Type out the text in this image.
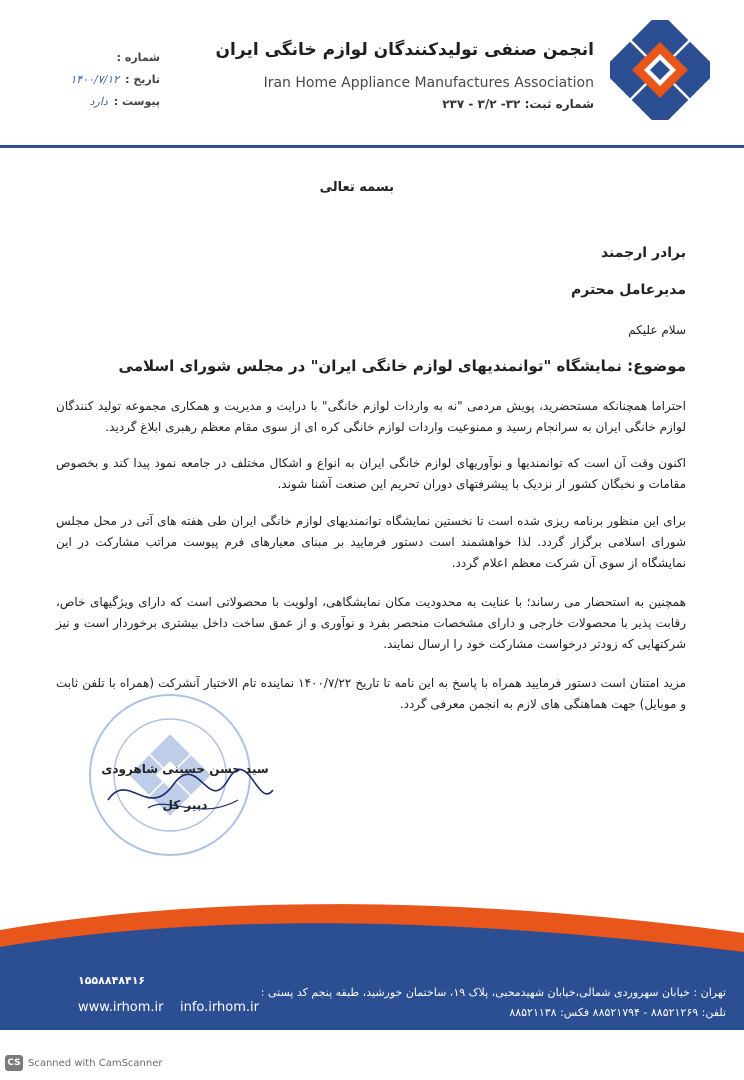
انجمن صنفی تولیدکنندگان لوازم خانگی ایران
Iran Home Appliance Manufactures Association
شماره ثبت: ۳۲- ۳/۲ - ۲۳۷
شماره :
تاریخ :
۱۴۰۰/۷/۱۲
پیوست :
دارد
بسمه تعالی
برادر ارجمند
مدیرعامل محترم
سلام علیکم
موضوع: نمایشگاه "توانمندیهای لوازم خانگی ایران" در مجلس شورای اسلامی
احتراما همچنانکه مستحضرید، پویش مردمی "نه به واردات لوازم خانگی" با درایت و مدیریت و همکاری مجموعه تولید کنندگان لوازم خانگی ایران به سرانجام رسید و ممنوعیت واردات لوازم خانگی کره ای از سوی مقام معظم رهبری ابلاغ گردید.
اکنون وقت آن است که توانمندیها و نوآوریهای لوازم خانگی ایران به انواع و اشکال مختلف در جامعه نمود پیدا کند و بخصوص مقامات و نخبگان کشور از نزدیک با پیشرفتهای دوران تحریم این صنعت آشنا شوند.
برای این منظور برنامه ریزی شده است تا نخستین نمایشگاه توانمندیهای لوازم خانگی ایران طی هفته های آتی در محل مجلس شورای اسلامی برگزار گردد. لذا خواهشمند است دستور فرمایید بر مبنای معیارهای فرم پیوست مراتب مشارکت در این نمایشگاه از سوی آن شرکت معظم اعلام گردد.
همچنین به استحضار می رساند؛ با عنایت به محدودیت مکان نمایشگاهی، اولویت با محصولاتی است که دارای ویژگیهای خاص، رقابت پذیر با محصولات خارجی و دارای مشخصات منحصر بفرد و نوآوری و از عمق ساخت داخل بیشتری برخوردار است و نیز شرکتهایی که زودتر درخواست مشارکت خود را ارسال نمایند.
مزید امتنان است دستور فرمایید همراه با پاسخ به این نامه تا تاریخ ۱۴۰۰/۷/۲۲ نماینده تام الاختیار آنشرکت (همراه با تلفن ثابت و موبایل) جهت هماهنگی های لازم به انجمن معرفی گردد.
سید حسن حسینی شاهرودی
دبیر کل
تهران : خیابان سهروردی شمالی،خیابان شهیدمحبی، پلاک ۱۹، ساختمان خورشید، طبقه پنجم کد پستی :
۱۵۵۸۸۴۸۴۱۶
تلفن: ۸۸۵۲۱۲۶۹ - ۸۸۵۲۱۷۹۴ فکس: ۸۸۵۲۱۱۳۸
www.irhom.ir info.irhom.ir
CS Scanned with CamScanner
